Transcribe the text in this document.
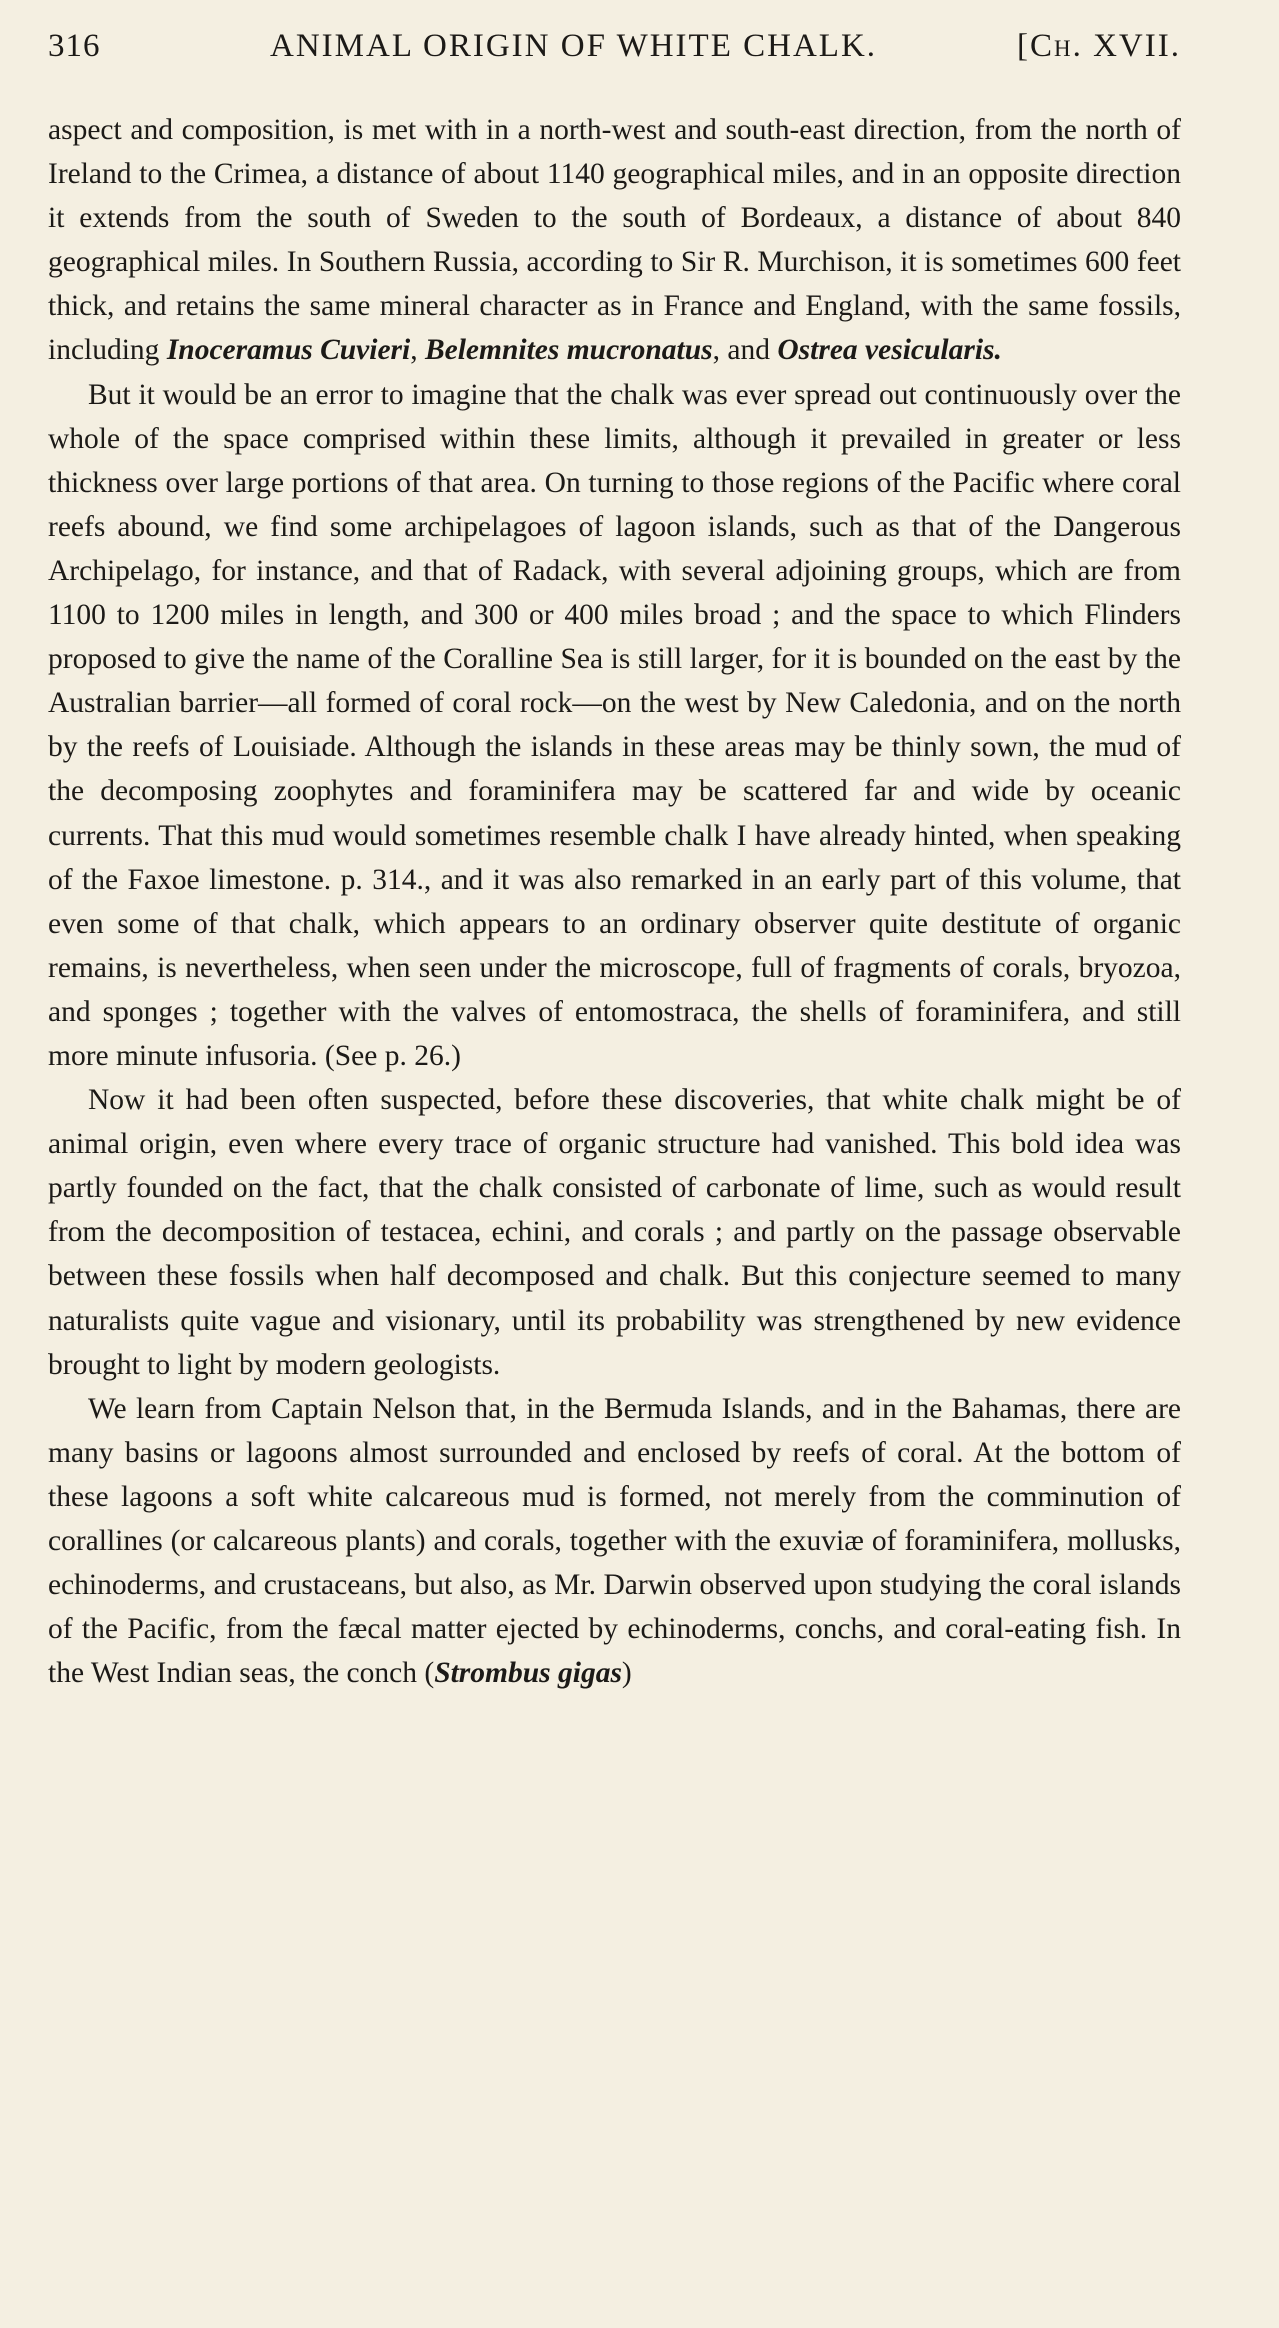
316	ANIMAL ORIGIN OF WHITE CHALK.	[Ch. XVII.

aspect and composition, is met with in a north-west and south-east direction, from the north of Ireland to the Crimea, a distance of about 1140 geographical miles, and in an opposite direction it extends from the south of Sweden to the south of Bordeaux, a distance of about 840 geographical miles. In Southern Russia, according to Sir R. Murchison, it is sometimes 600 feet thick, and retains the same mineral character as in France and England, with the same fossils, including Inoceramus Cuvieri, Belemnites mucronatus, and Ostrea vesicularis.

But it would be an error to imagine that the chalk was ever spread out continuously over the whole of the space comprised within these limits, although it prevailed in greater or less thickness over large portions of that area. On turning to those regions of the Pacific where coral reefs abound, we find some archipelagoes of lagoon islands, such as that of the Dangerous Archipelago, for instance, and that of Radack, with several adjoining groups, which are from 1100 to 1200 miles in length, and 300 or 400 miles broad ; and the space to which Flinders proposed to give the name of the Coralline Sea is still larger, for it is bounded on the east by the Australian barrier—all formed of coral rock—on the west by New Caledonia, and on the north by the reefs of Louisiade. Although the islands in these areas may be thinly sown, the mud of the decomposing zoophytes and foraminifera may be scattered far and wide by oceanic currents. That this mud would sometimes resemble chalk I have already hinted, when speaking of the Faxoe limestone. p. 314., and it was also remarked in an early part of this volume, that even some of that chalk, which appears to an ordinary observer quite destitute of organic remains, is nevertheless, when seen under the microscope, full of fragments of corals, bryozoa, and sponges ; together with the valves of entomostraca, the shells of foraminifera, and still more minute infusoria. (See p. 26.)

Now it had been often suspected, before these discoveries, that white chalk might be of animal origin, even where every trace of organic structure had vanished. This bold idea was partly founded on the fact, that the chalk consisted of carbonate of lime, such as would result from the decomposition of testacea, echini, and corals ; and partly on the passage observable between these fossils when half decomposed and chalk. But this conjecture seemed to many naturalists quite vague and visionary, until its probability was strengthened by new evidence brought to light by modern geologists.

We learn from Captain Nelson that, in the Bermuda Islands, and in the Bahamas, there are many basins or lagoons almost surrounded and enclosed by reefs of coral. At the bottom of these lagoons a soft white calcareous mud is formed, not merely from the comminution of corallines (or calcareous plants) and corals, together with the exuviæ of foraminifera, mollusks, echinoderms, and crustaceans, but also, as Mr. Darwin observed upon studying the coral islands of the Pacific, from the fæcal matter ejected by echinoderms, conchs, and coral-eating fish. In the West Indian seas, the conch (Strombus gigas)
